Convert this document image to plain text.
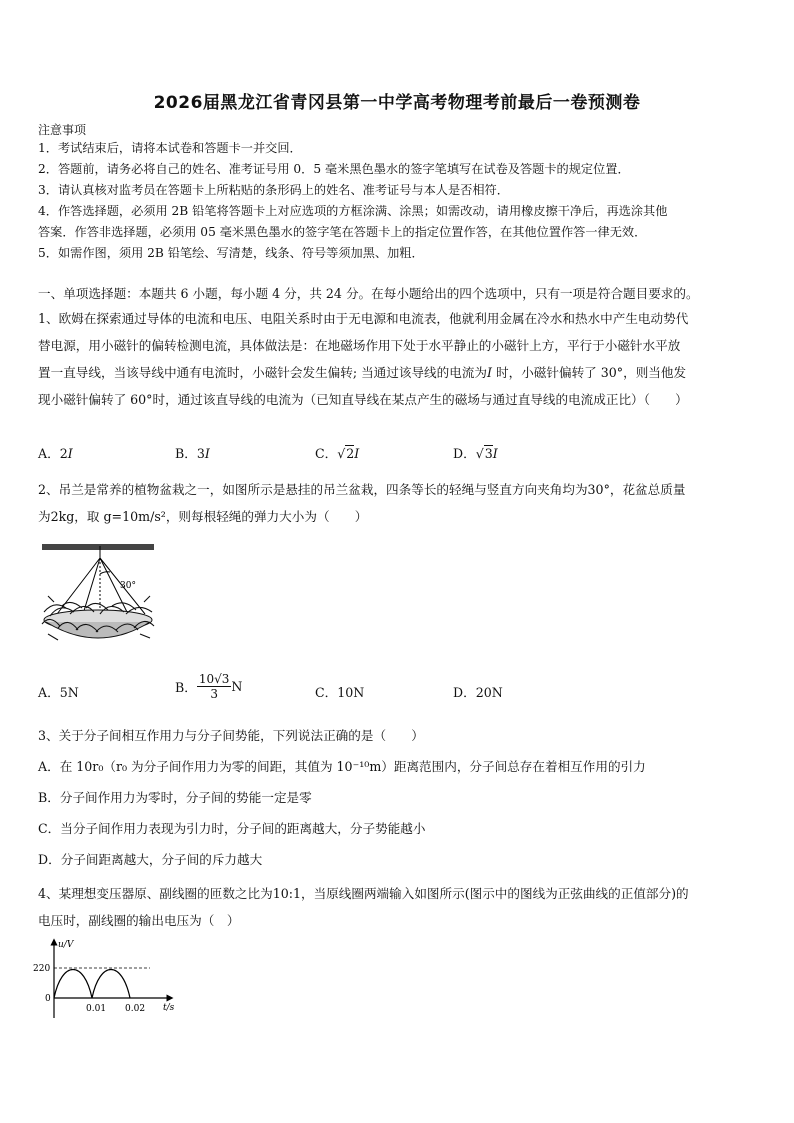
2026届黑龙江省青冈县第一中学高考物理考前最后一卷预测卷
注意事项
1．考试结束后，请将本试卷和答题卡一并交回．
2．答题前，请务必将自己的姓名、准考证号用 0．5 毫米黑色墨水的签字笔填写在试卷及答题卡的规定位置．
3．请认真核对监考员在答题卡上所粘贴的条形码上的姓名、准考证号与本人是否相符．
4．作答选择题，必须用 2B 铅笔将答题卡上对应选项的方框涂满、涂黑；如需改动，请用橡皮擦干净后，再选涂其他
答案．作答非选择题，必须用 05 毫米黑色墨水的签字笔在答题卡上的指定位置作答，在其他位置作答一律无效．
5．如需作图，须用 2B 铅笔绘、写清楚，线条、符号等须加黑、加粗．
一、单项选择题：本题共 6 小题，每小题 4 分，共 24 分。在每小题给出的四个选项中，只有一项是符合题目要求的。
1、欧姆在探索通过导体的电流和电压、电阻关系时由于无电源和电流表，他就利用金属在冷水和热水中产生电动势代
替电源，用小磁针的偏转检测电流，具体做法是：在地磁场作用下处于水平静止的小磁针上方，平行于小磁针水平放
置一直导线，当该导线中通有电流时，小磁针会发生偏转; 当通过该导线的电流为I 时，小磁针偏转了 30°，则当他发
现小磁针偏转了 60°时，通过该直导线的电流为（已知直导线在某点产生的磁场与通过直导线的电流成正比）（　　）
A．2I	B．3I	C．√2I	D．√3I
2、吊兰是常养的植物盆栽之一，如图所示是悬挂的吊兰盆栽，四条等长的轻绳与竖直方向夹角均为30°，花盆总质量
为2kg，取 g=10m/s²，则每根轻绳的弹力大小为（　　）
30°
A．5N	B． $\frac{10√3}{3}$ N	C．10N	D．20N
3、关于分子间相互作用力与分子间势能，下列说法正确的是（　　）
A．在 10r₀（r₀ 为分子间作用力为零的间距，其值为 10⁻¹⁰m）距离范围内，分子间总存在着相互作用的引力
B．分子间作用力为零时，分子间的势能一定是零
C．当分子间作用力表现为引力时，分子间的距离越大，分子势能越小
D．分子间距离越大，分子间的斥力越大
4、某理想变压器原、副线圈的匝数之比为10:1，当原线圈两端输入如图所示(图示中的图线为正弦曲线的正值部分)的
电压时，副线圈的输出电压为（　）
u/V
t/s
220
0
0.01 0.02
